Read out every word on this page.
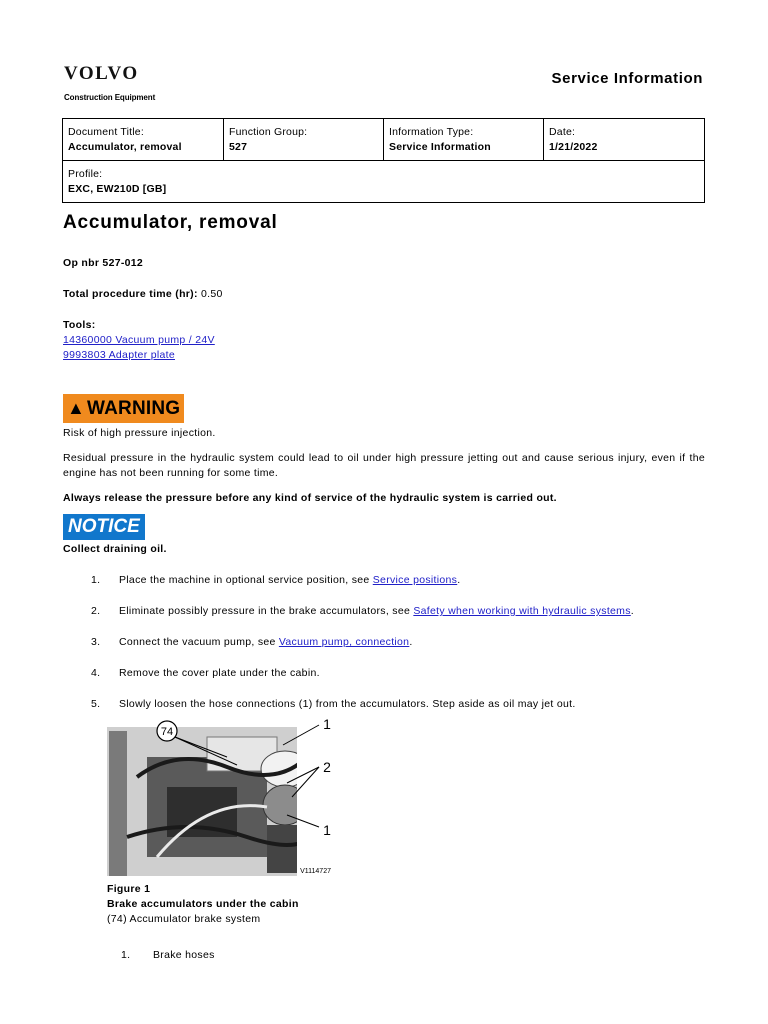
VOLVO
Construction Equipment
Service Information
Document Title:
Accumulator, removal

Function Group:
527

Information Type:
Service Information

Date:
1/21/2022

Profile:
EXC, EW210D [GB]
Accumulator, removal

Op nbr 527-012

Total procedure time (hr): 0.50

Tools:

14360000 Vacuum pump / 24V

9993803 Adapter plate

▲ WARNING

Risk of high pressure injection.

Residual pressure in the hydraulic system could lead to oil under high pressure jetting out and cause serious injury, even if the engine has not been running for some time.

Always release the pressure before any kind of service of the hydraulic system is carried out.

NOTICE

Collect draining oil.

1. Place the machine in optional service position, see Service positions.
2. Eliminate possibly pressure in the brake accumulators, see Safety when working with hydraulic systems.
3. Connect the vacuum pump, see Vacuum pump, connection.
4. Remove the cover plate under the cabin.
5. Slowly loosen the hose connections (1) from the accumulators. Step aside as oil may jet out.
74	1
2
1
V1114727

Figure 1

Brake accumulators under the cabin

(74) Accumulator brake system

1. Brake hoses
